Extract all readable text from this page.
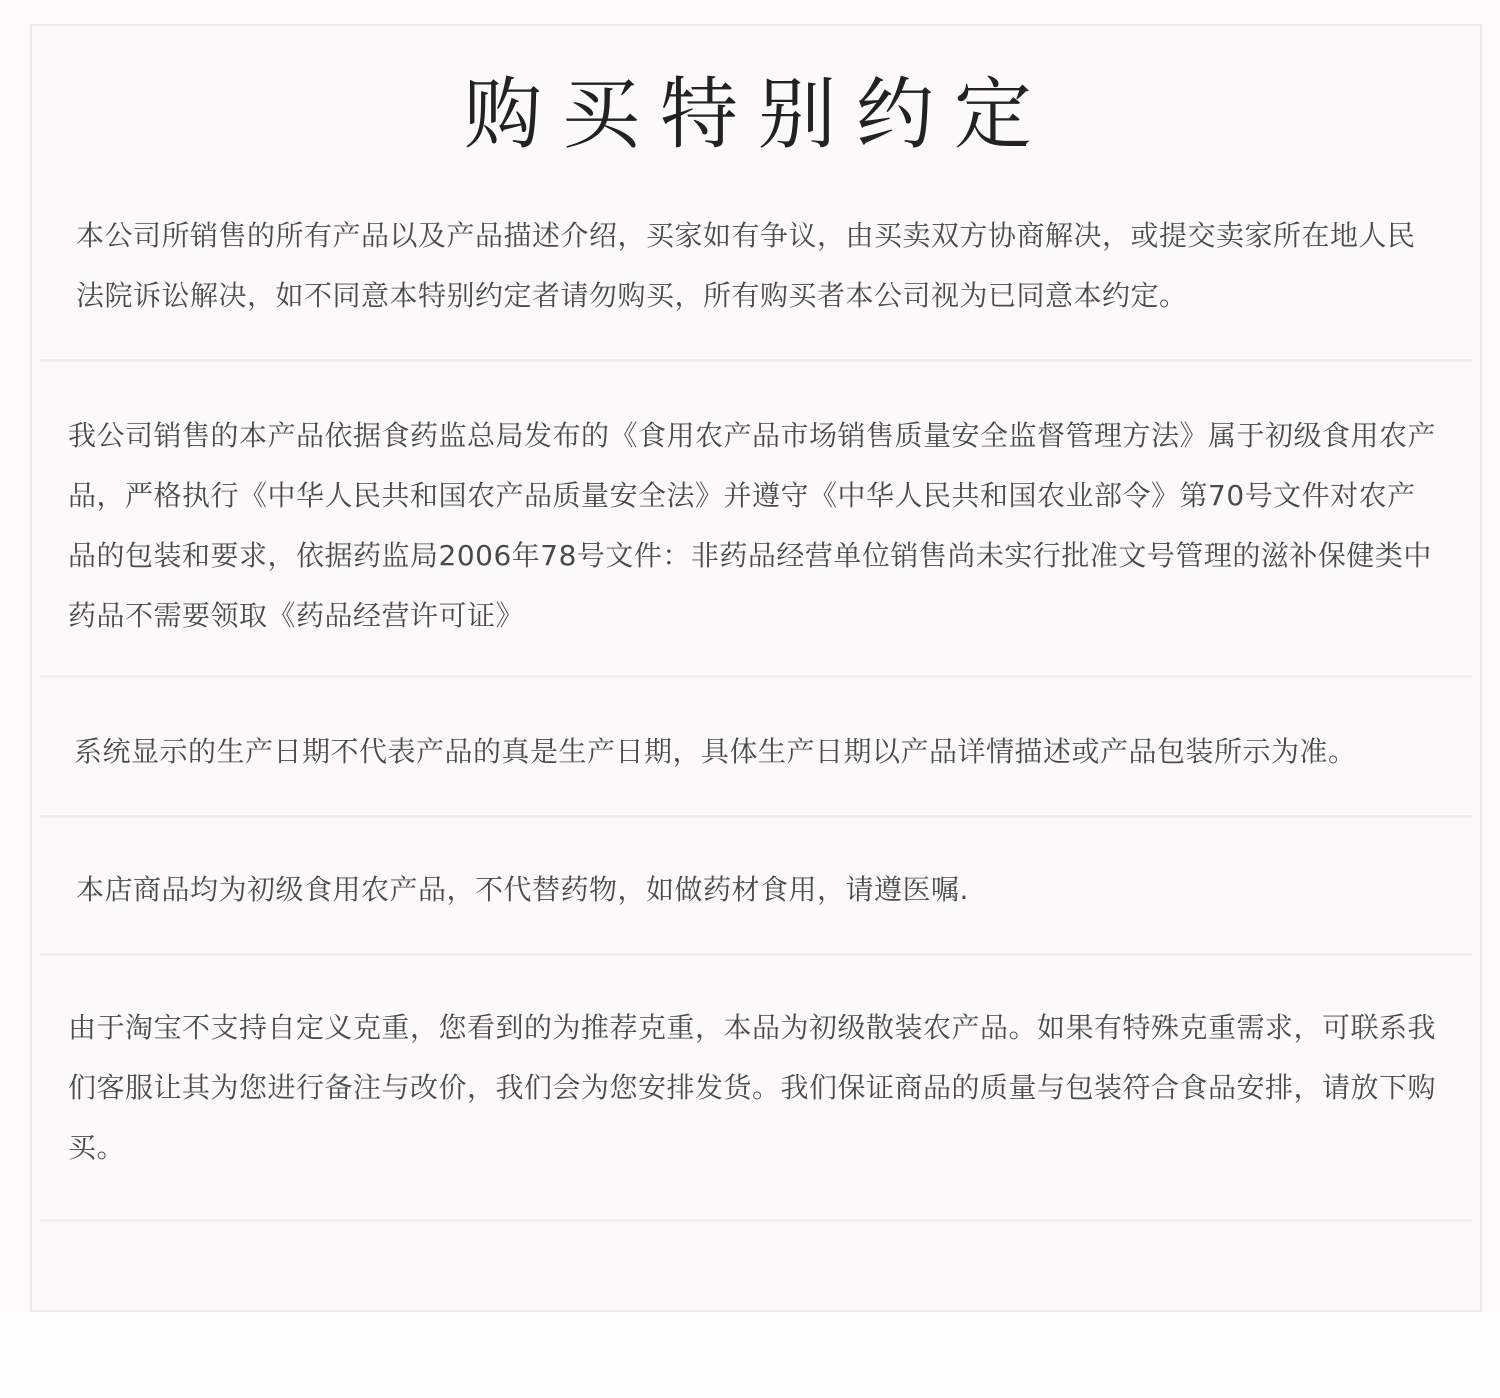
购买特别约定

本公司所销售的所有产品以及产品描述介绍，买家如有争议，由买卖双方协商解决，或提交卖家所在地人民法院诉讼解决，如不同意本特别约定者请勿购买，所有购买者本公司视为已同意本约定。

我公司销售的本产品依据食药监总局发布的《食用农产品市场销售质量安全监督管理方法》属于初级食用农产品，严格执行《中华人民共和国农产品质量安全法》并遵守《中华人民共和国农业部令》第70号文件对农产品的包装和要求，依据药监局2006年78号文件：非药品经营单位销售尚未实行批准文号管理的滋补保健类中药品不需要领取《药品经营许可证》

系统显示的生产日期不代表产品的真是生产日期，具体生产日期以产品详情描述或产品包装所示为准。

本店商品均为初级食用农产品，不代替药物，如做药材食用，请遵医嘱.

由于淘宝不支持自定义克重，您看到的为推荐克重，本品为初级散装农产品。如果有特殊克重需求，可联系我们客服让其为您进行备注与改价，我们会为您安排发货。我们保证商品的质量与包装符合食品安排，请放下购买。
